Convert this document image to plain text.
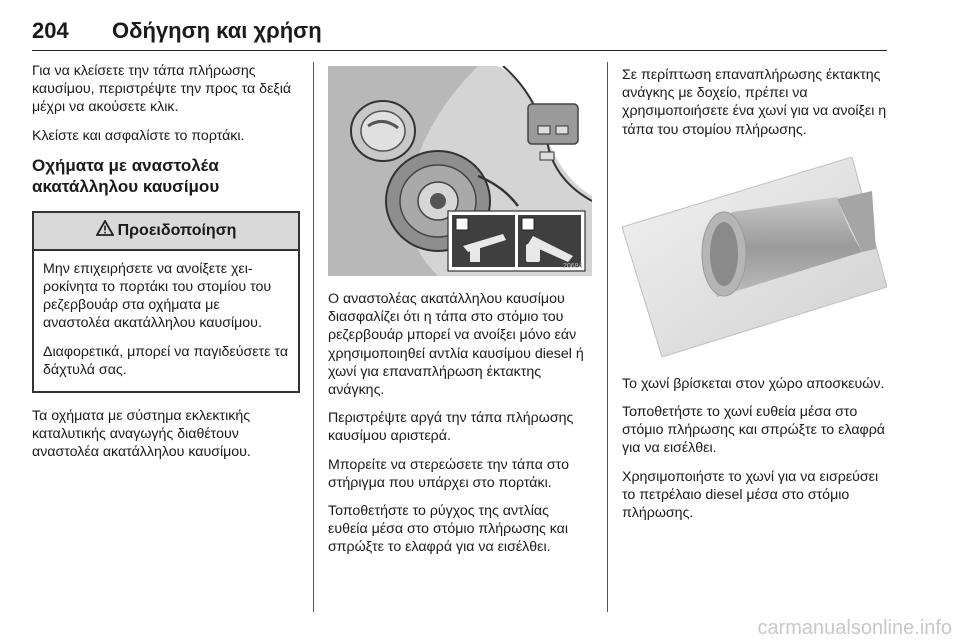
204 Οδήγηση και χρήση

Για να κλείσετε την τάπα πλήρωσης καυσίμου, περιστρέψτε την προς τα δεξιά μέχρι να ακούσετε κλικ.

Κλείστε και ασφαλίστε το πορτάκι.

Οχήματα με αναστολέα ακατάλληλου καυσίμου
Προειδοποίηση

Μην επιχειρήσετε να ανοίξετε χειροκίνητα το πορτάκι του στομίου του ρεζερβουάρ στα οχήματα με αναστολέα ακατάλληλου καυσίμου.

Διαφορετικά, μπορεί να παγιδεύσετε τα δάχτυλά σας.

Τα οχήματα με σύστημα εκλεκτικής καταλυτικής αναγωγής διαθέτουν αναστολέα ακατάλληλου καυσίμου.

20684

Ο αναστολέας ακατάλληλου καυσίμου διασφαλίζει ότι η τάπα στο στόμιο του ρεζερβουάρ μπορεί να ανοίξει μόνο εάν χρησιμοποιηθεί αντλία καυσίμου diesel ή χωνί για επαναπλήρωση έκτακτης ανάγκης.

Περιστρέψτε αργά την τάπα πλήρωσης καυσίμου αριστερά.

Μπορείτε να στερεώσετε την τάπα στο στήριγμα που υπάρχει στο πορτάκι.

Τοποθετήστε το ρύγχος της αντλίας ευθεία μέσα στο στόμιο πλήρωσης και σπρώξτε το ελαφρά για να εισέλθει.

Σε περίπτωση επαναπλήρωσης έκτακτης ανάγκης με δοχείο, πρέπει να χρησιμοποιήσετε ένα χωνί για να ανοίξει η τάπα του στομίου πλήρωσης.

Το χωνί βρίσκεται στον χώρο αποσκευών.

Τοποθετήστε το χωνί ευθεία μέσα στο στόμιο πλήρωσης και σπρώξτε το ελαφρά για να εισέλθει.

Χρησιμοποιήστε το χωνί για να εισρεύσει το πετρέλαιο diesel μέσα στο στόμιο πλήρωσης.

carmanualsonline.info
